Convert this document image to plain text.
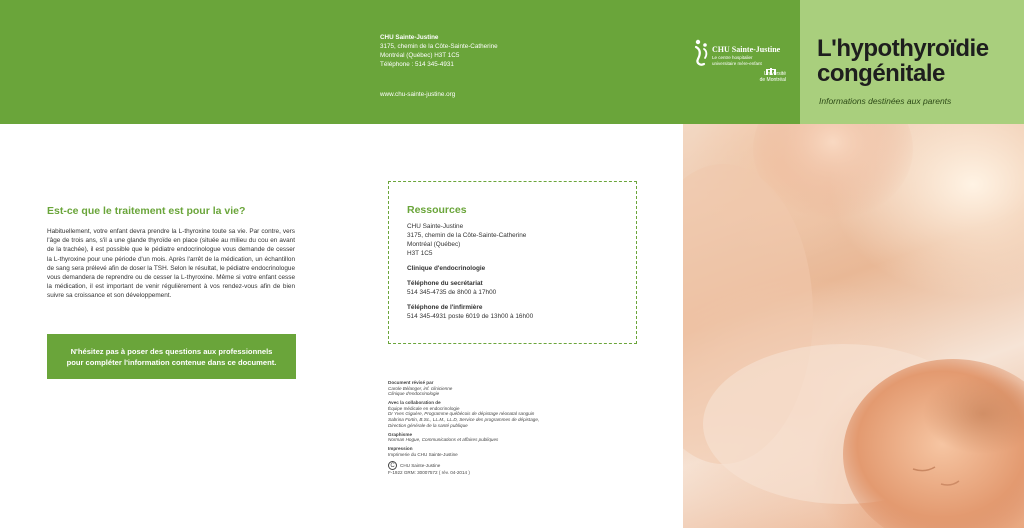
CHU Sainte-Justine
3175, chemin de la Côte-Sainte-Catherine
Montréal (Québec) H3T 1C5
Téléphone : 514 345-4931
www.chu-sainte-justine.org
CHU Sainte-Justine
Le centre hospitalier
universitaire mère-enfant
Université
de Montréal
L'hypothyroïdie
congénitale
Informations destinées aux parents
Est-ce que le traitement est pour la vie?
Habituellement, votre enfant devra prendre la L-thyroxine toute sa vie. Par contre, vers l'âge de trois ans, s'il a une glande thyroïde en place (située au milieu du cou en avant de la trachée), il est possible que le pédiatre endocrinologue vous demande de cesser la L-thyroxine pour une période d'un mois. Après l'arrêt de la médication, un échantillon de sang sera prélevé afin de doser la TSH. Selon le résultat, le pédiatre endocrinologue vous demandera de reprendre ou de cesser la L-thyroxine. Même si votre enfant cesse la médication, il est important de venir régulièrement à vos rendez-vous afin de bien suivre sa croissance et son développement.
N'hésitez pas à poser des questions aux professionnels
pour compléter l'information contenue dans ce document.
Ressources
CHU Sainte-Justine
3175, chemin de la Côte-Sainte-Catherine
Montréal (Québec)
H3T 1C5
Clinique d'endocrinologie
Téléphone du secrétariat
514 345-4735 de 8h00 à 17h00
Téléphone de l'infirmière
514 345-4931 poste 6019 de 13h00 à 16h00
Document révisé par
Carole Bélanger, inf. clinicienne
Clinique d'endocrinologie
Avec la collaboration de
Équipe médicale en endocrinologie
Dr Yves Giguère, Programme québécois de dépistage néonatal sanguin
Sabrina Fortin, B.Sc., LL.M., LL.D, Service des programmes de dépistage,
Direction générale de la santé publique
Graphisme
Norman Hogue, Communications et affaires publiques
Impression
Imprimerie du CHU Sainte-Justine
C	CHU Sainte-Justine
F-1922 GRM: 30007572 ( rév. 04-2014 )
